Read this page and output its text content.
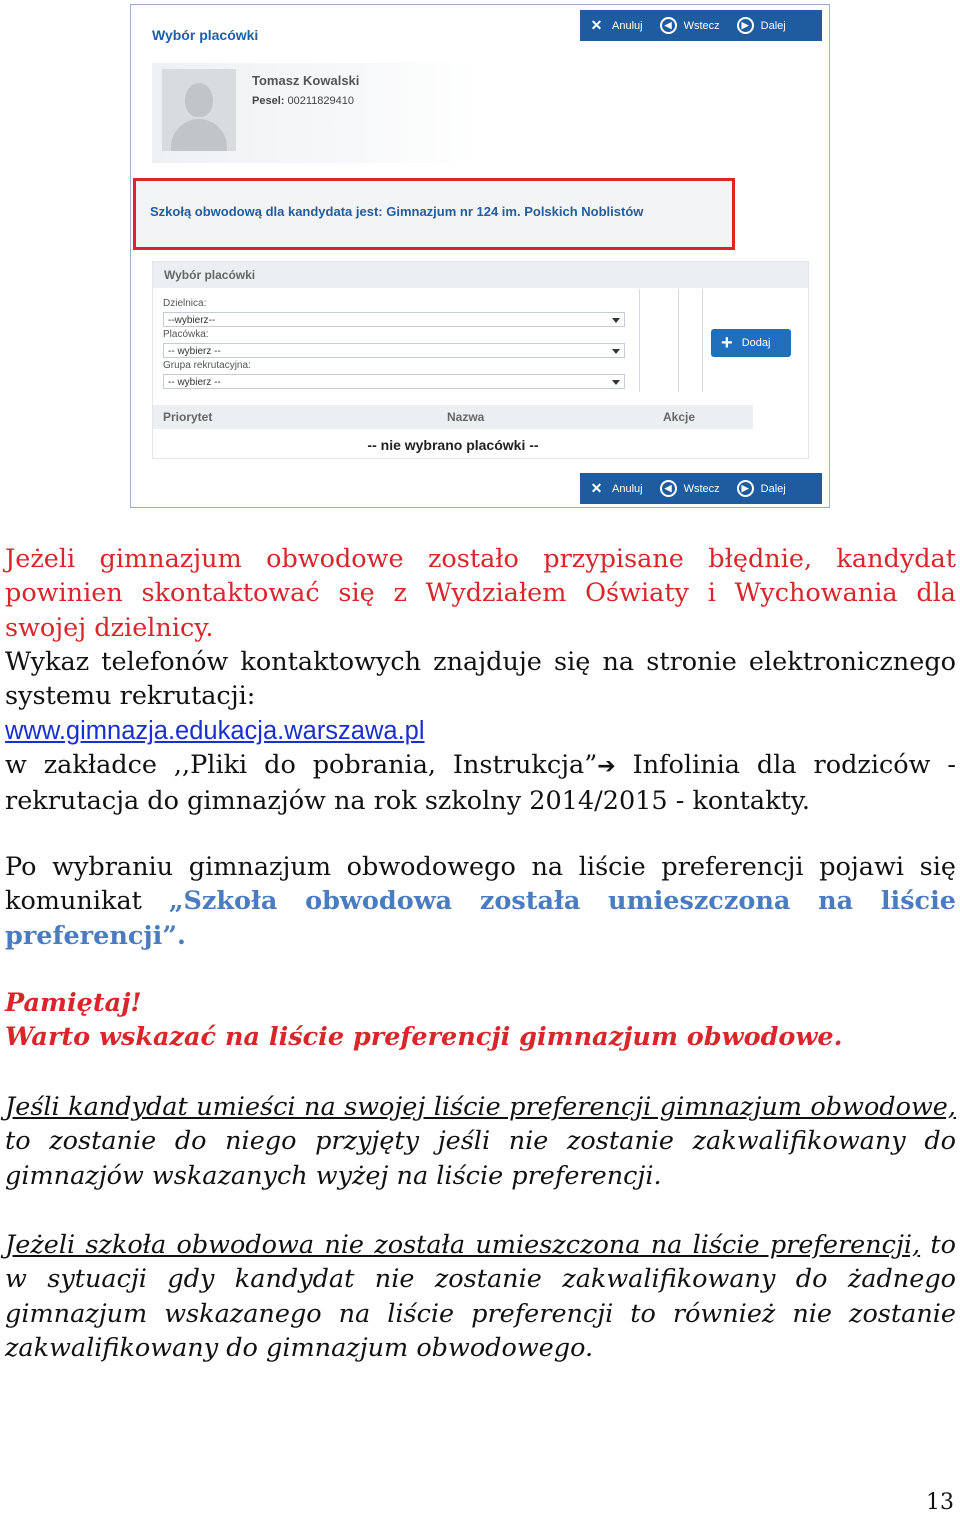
Wybór placówki
✕ Anuluj	◀	Wstecz	▶	Dalej
Tomasz Kowalski
Pesel: 00211829410
Szkołą obwodową dla kandydata jest: Gimnazjum nr 124 im. Polskich Noblistów
Wybór placówki
Dzielnica:
--wybierz--
Placówka:
-- wybierz --
Grupa rekrutacyjna:
-- wybierz --
+ Dodaj
Priorytet	Nazwa	Akcje
-- nie wybrano placówki --
✕ Anuluj	◀	Wstecz	▶	Dalej

Jeżeli gimnazjum obwodowe zostało przypisane błędnie, kandydat powinien skontaktować się z Wydziałem Oświaty i Wychowania dla swojej dzielnicy.

Wykaz telefonów kontaktowych znajduje się na stronie elektronicznego systemu rekrutacji:
www.gimnazja.edukacja.warszawa.pl
w zakładce ,,Pliki do pobrania, Instrukcja”➔ Infolinia dla rodziców - rekrutacja do gimnazjów na rok szkolny 2014/2015 - kontakty.

Po wybraniu gimnazjum obwodowego na liście preferencji pojawi się komunikat „Szkoła obwodowa została umieszczona na liście preferencji”.

Pamiętaj!
Warto wskazać na liście preferencji gimnazjum obwodowe.

Jeśli kandydat umieści na swojej liście preferencji gimnazjum obwodowe, to zostanie do niego przyjęty jeśli nie zostanie zakwalifikowany do gimnazjów wskazanych wyżej na liście preferencji.

Jeżeli szkoła obwodowa nie została umieszczona na liście preferencji, to w sytuacji gdy kandydat nie zostanie zakwalifikowany do żadnego gimnazjum wskazanego na liście preferencji to również nie zostanie zakwalifikowany do gimnazjum obwodowego.

13
